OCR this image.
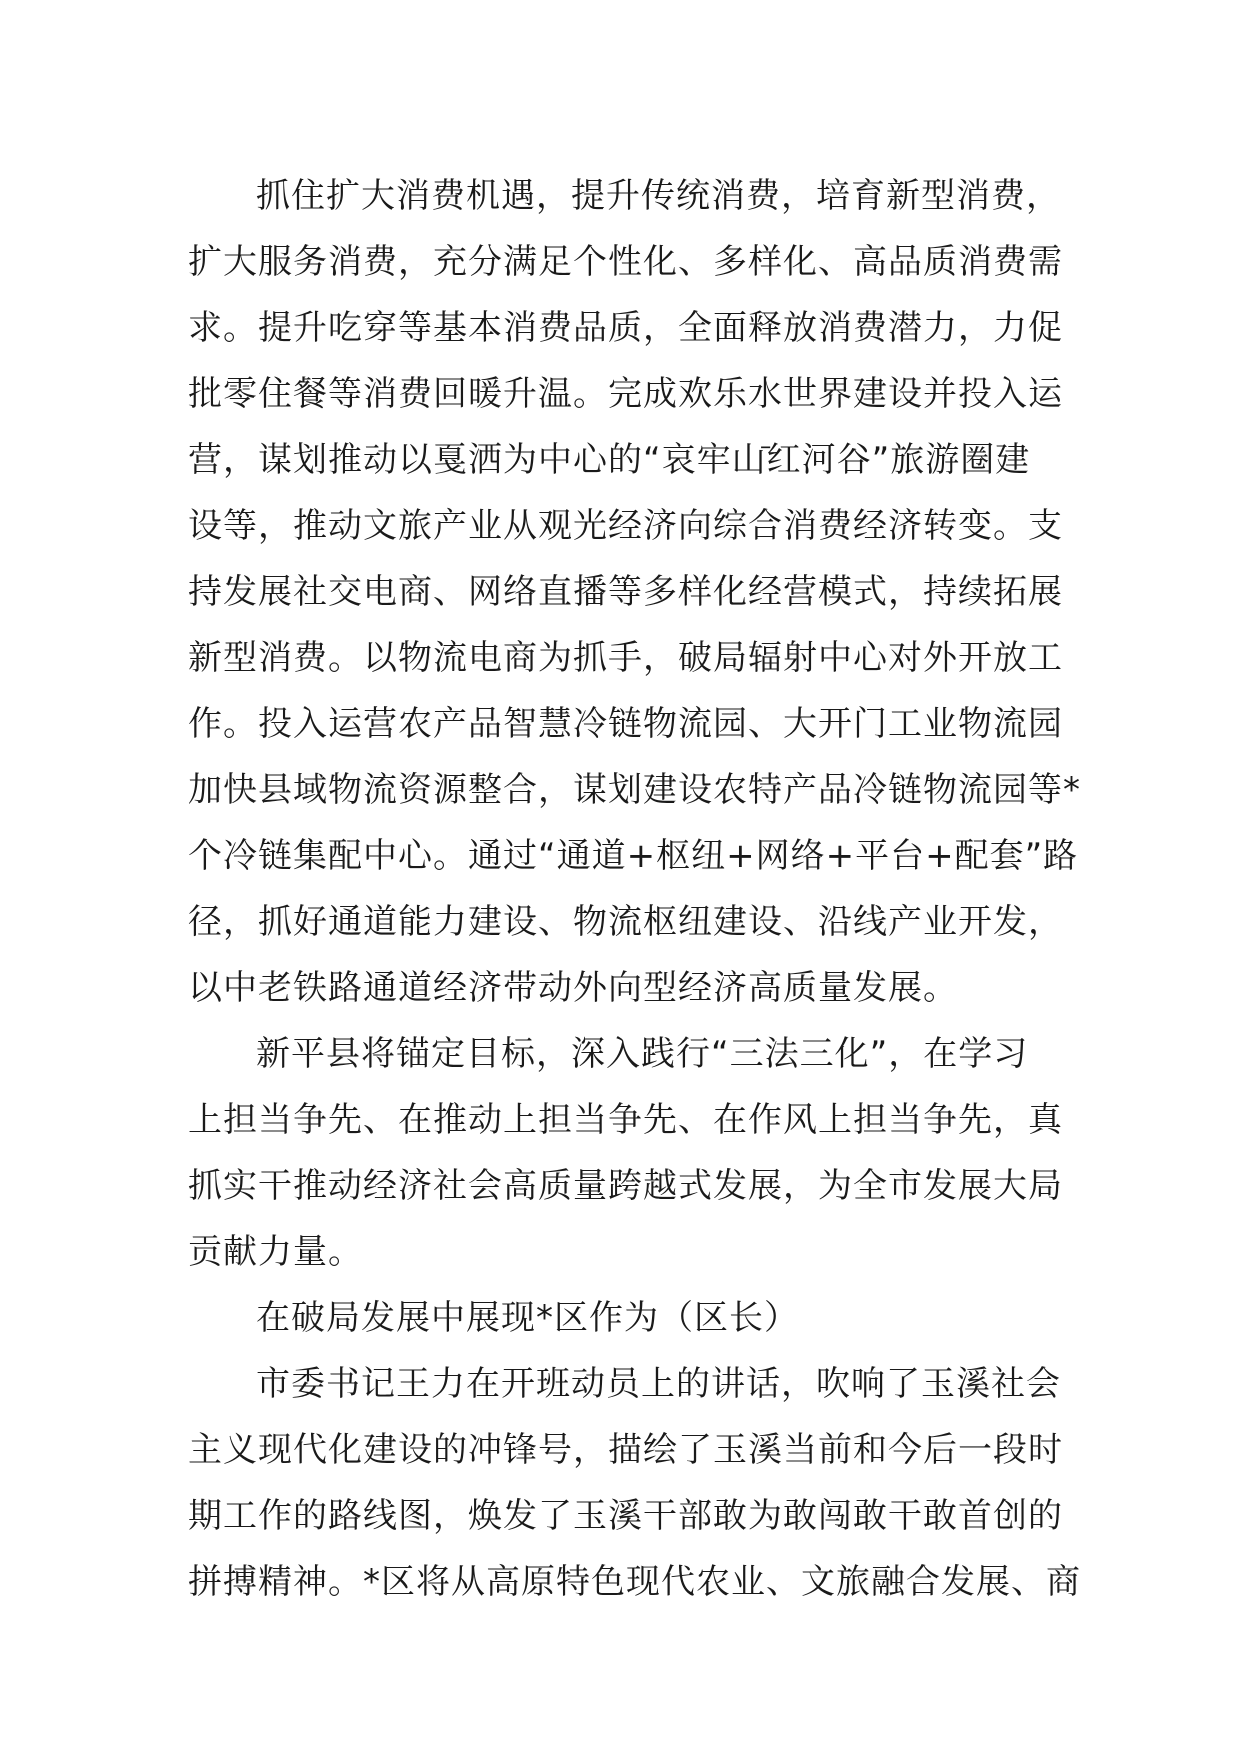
抓住扩大消费机遇，提升传统消费，培育新型消费，
扩大服务消费，充分满足个性化、多样化、高品质消费需
求。提升吃穿等基本消费品质，全面释放消费潜力，力促
批零住餐等消费回暖升温。完成欢乐水世界建设并投入运
营，谋划推动以戛洒为中心的“哀牢山̄红河谷”旅游圈建
设等，推动文旅产业从观光经济向综合消费经济转变。支
持发展社交电商、网络直播等多样化经营模式，持续拓展
新型消费。以物流电商为抓手，破局辐射中心对外开放工
作。投入运营农产品智慧冷链物流园、大开门工业物流园
加快县域物流资源整合，谋划建设农特产品冷链物流园等*
个冷链集配中心。通过“通道+枢纽+网络+平台+配套”路
径，抓好通道能力建设、物流枢纽建设、沿线产业开发，
以中老铁路通道经济带动外向型经济高质量发展。
新平县将锚定目标，深入践行“三法三化”，在学习
上担当争先、在推动上担当争先、在作风上担当争先，真
抓实干推动经济社会高质量跨越式发展，为全市发展大局
贡献力量。
在破局发展中展现*区作为（区长）
市委书记王力在开班动员上的讲话，吹响了玉溪社会
主义现代化建设的冲锋号，描绘了玉溪当前和今后一段时
期工作的路线图，焕发了玉溪干部敢为敢闯敢干敢首创的
拼搏精神。*区将从高原特色现代农业、文旅融合发展、商
